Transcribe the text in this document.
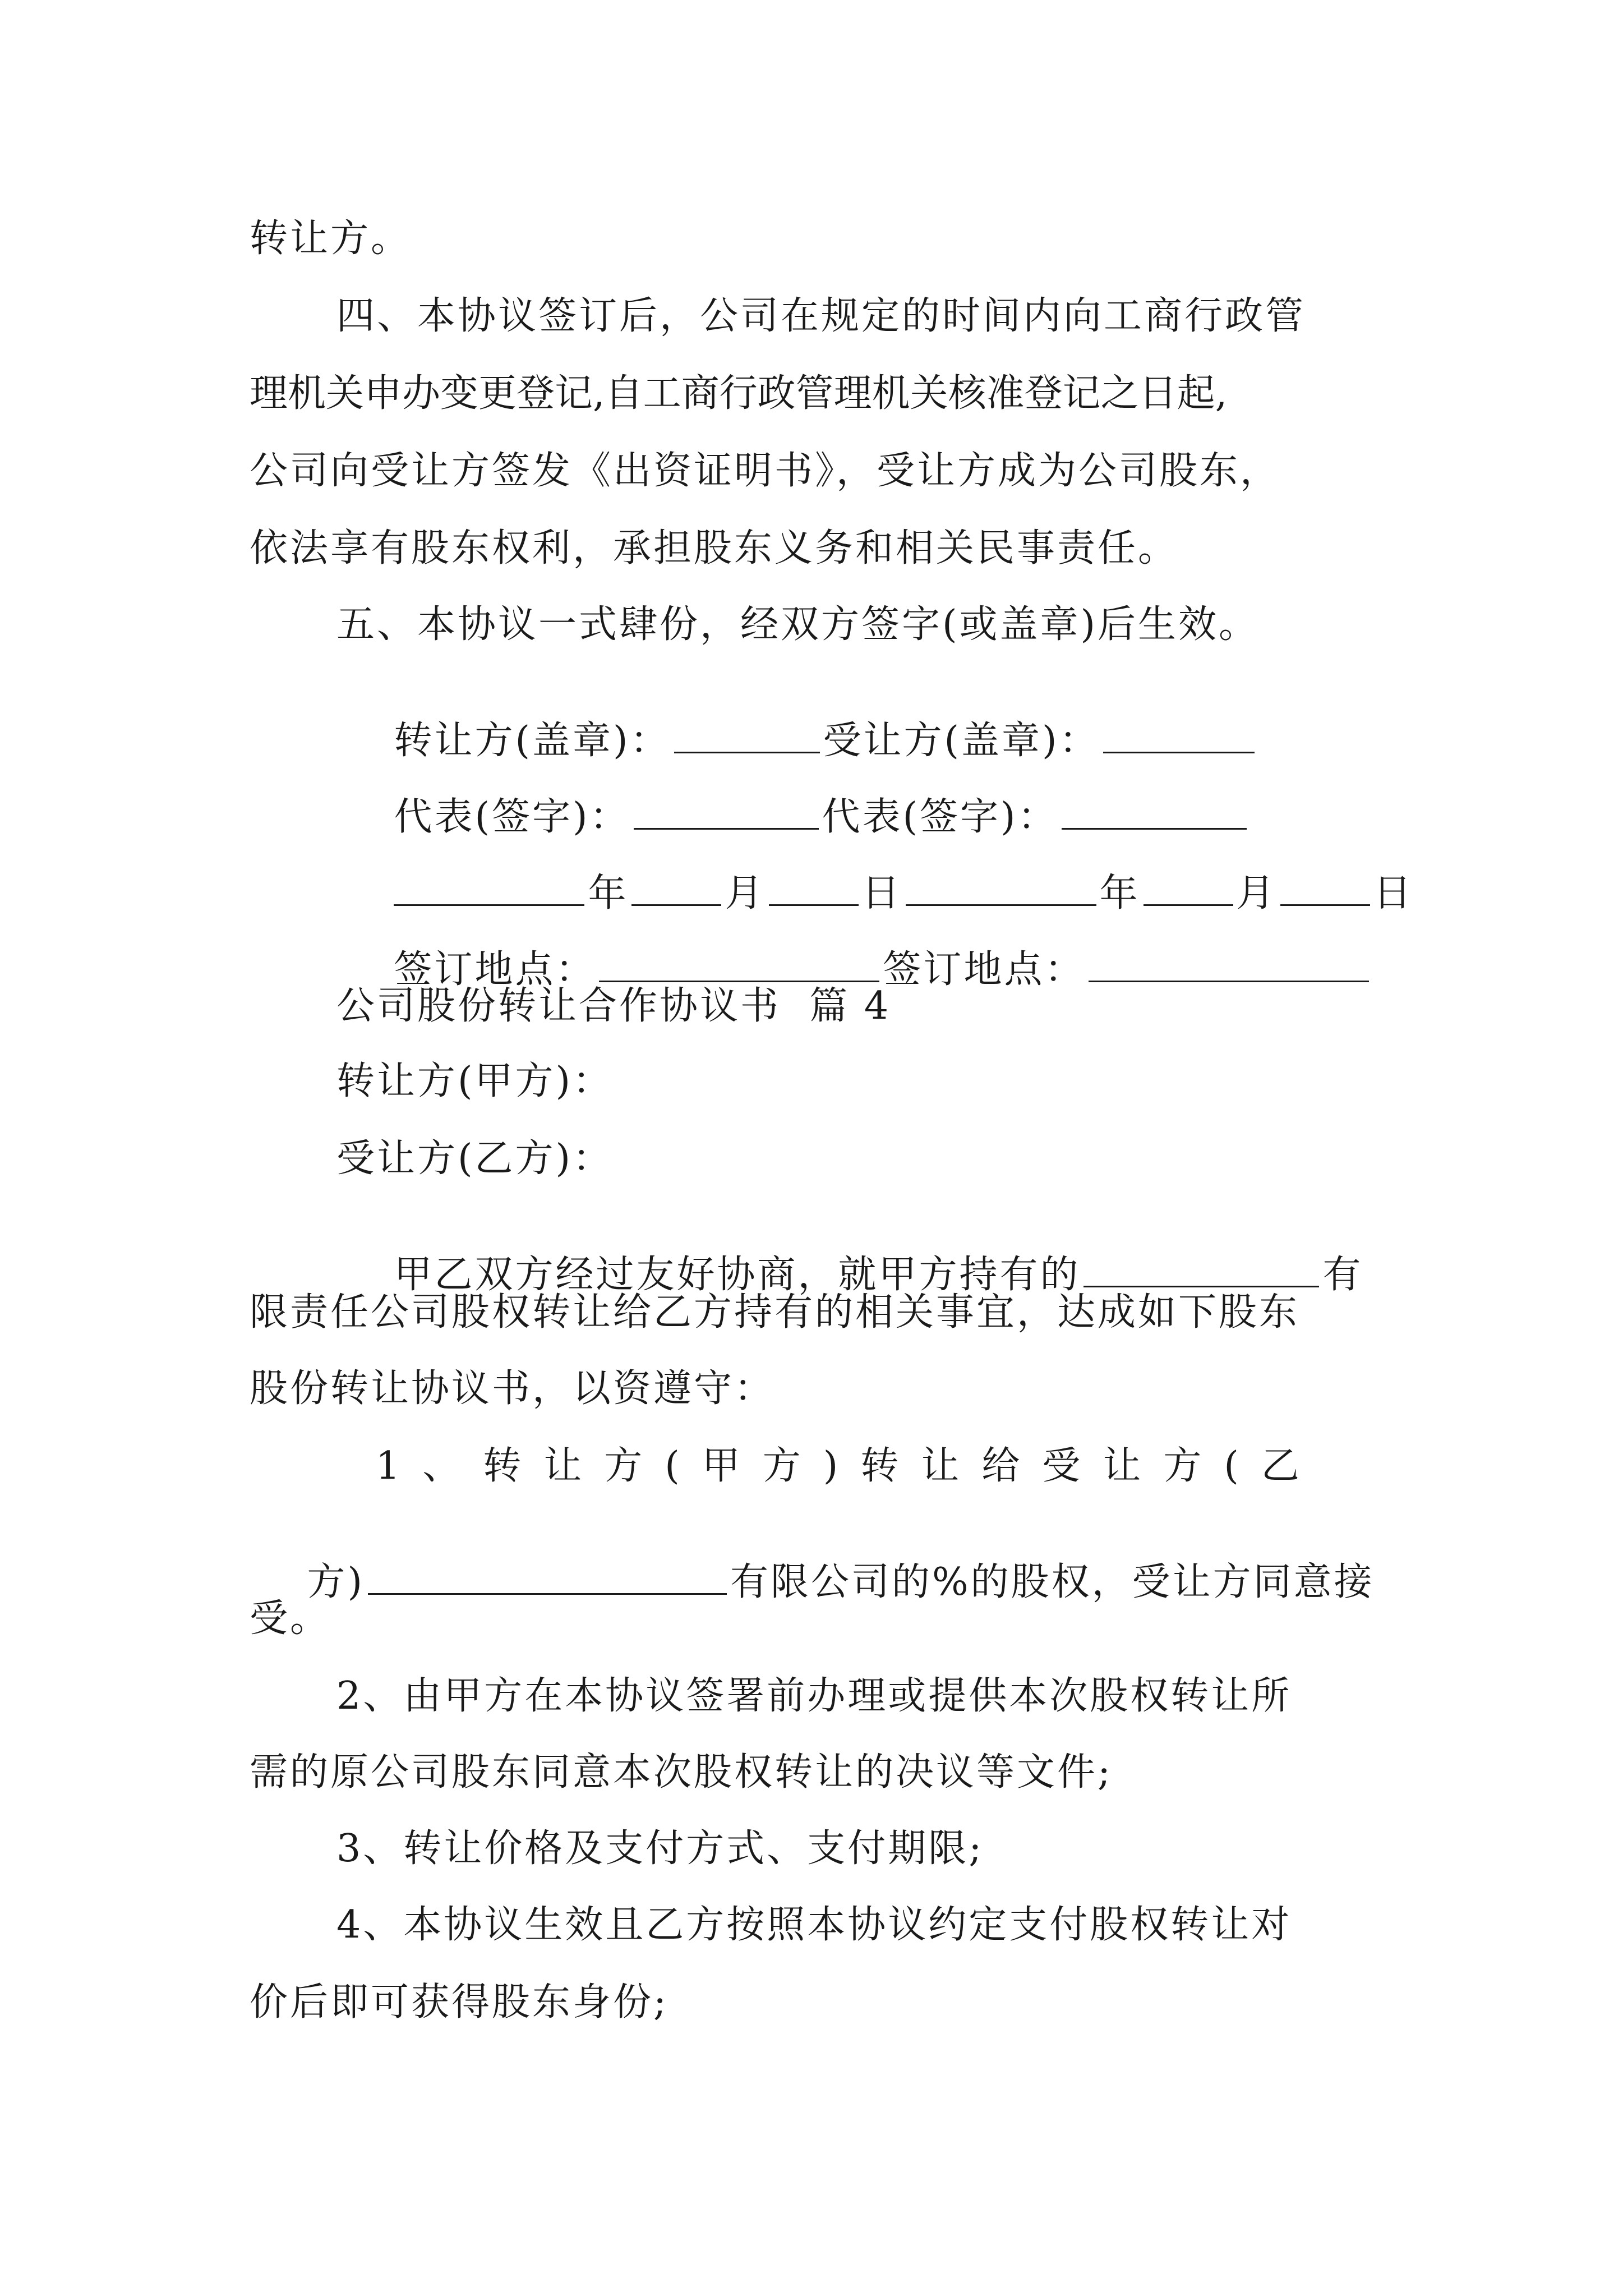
转让方。
四、本协议签订后，公司在规定的时间内向工商行政管
理机关申办变更登记,自工商行政管理机关核准登记之日起,
公司向受让方签发《出资证明书》，受让方成为公司股东，
依法享有股东权利，承担股东义务和相关民事责任。
五、本协议一式肆份，经双方签字(或盖章)后生效。

转让方(盖章)：	受让方(盖章)：

代表(签字)：	代表(签字)：

年	月	日	年	月	日

签订地点：	签订地点：

公司股份转让合作协议书  篇 4
转让方(甲方)：
受让方(乙方)：

甲乙双方经过友好协商，就甲方持有的	有

限责任公司股权转让给乙方持有的相关事宜，达成如下股东
股份转让协议书，以资遵守：
1、转让方(甲方)转让给受让方(乙

方)	有限公司的%的股权，受让方同意接

受。
2、由甲方在本协议签署前办理或提供本次股权转让所
需的原公司股东同意本次股权转让的决议等文件;
3、转让价格及支付方式、支付期限;
4、本协议生效且乙方按照本协议约定支付股权转让对
价后即可获得股东身份;
